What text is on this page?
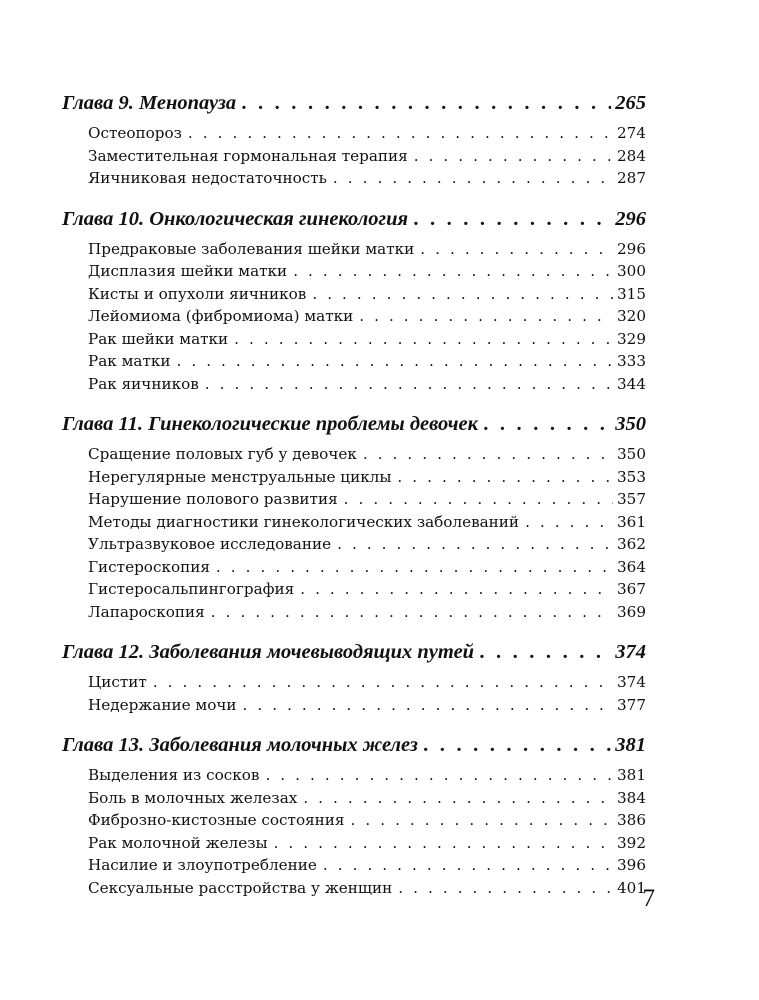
Глава 9. Менопауза . . .	265
Остеопороз . . .	274
Заместительная гормональная терапия . . .	284
Яичниковая недостаточность . . .	287
Глава 10. Онкологическая гинекология . . .	296
Предраковые заболевания шейки матки . . .	296
Дисплазия шейки матки . . .	300
Кисты и опухоли яичников . . .	315
Лейомиома (фибромиома) матки . . .	320
Рак шейки матки . . .	329
Рак матки . . .	333
Рак яичников . . .	344
Глава 11. Гинекологические проблемы девочек . . .	350
Сращение половых губ у девочек . . .	350
Нерегулярные менструальные циклы . . .	353
Нарушение полового развития . . .	357
Методы диагностики гинекологических заболеваний . . .	361
Ультразвуковое исследование . . .	362
Гистероскопия . . .	364
Гистеросальпингография . . .	367
Лапароскопия . . .	369
Глава 12. Заболевания мочевыводящих путей . . .	374
Цистит . . .	374
Недержание мочи . . .	377
Глава 13. Заболевания молочных желез . . .	381
Выделения из сосков . . .	381
Боль в молочных железах . . .	384
Фиброзно-кистозные состояния . . .	386
Рак молочной железы . . .	392
Насилие и злоупотребление . . .	396
Сексуальные расстройства у женщин . . .	401
7
